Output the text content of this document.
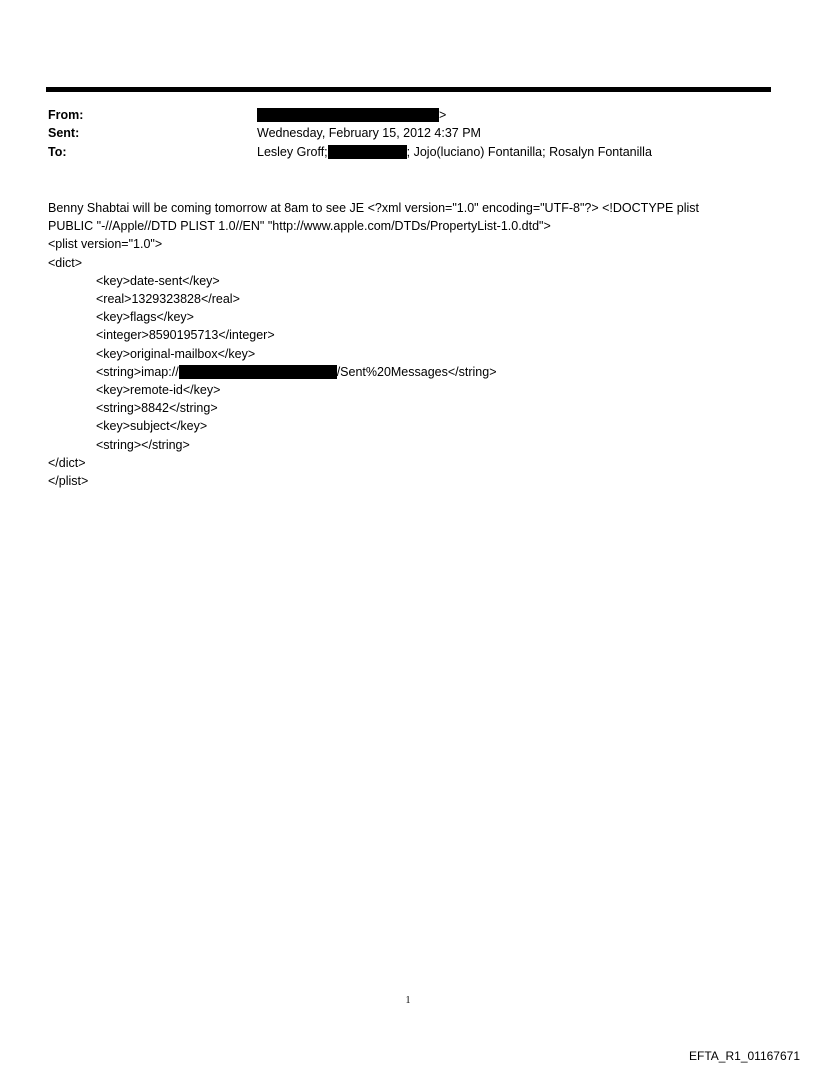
From:	>
Sent:	Wednesday, February 15, 2012 4:37 PM
To:	Lesley Groff;	; Jojo(luciano) Fontanilla; Rosalyn Fontanilla
Benny Shabtai will be coming tomorrow at 8am to see JE <?xml version="1.0" encoding="UTF-8"?> <!DOCTYPE plist
PUBLIC "-//Apple//DTD PLIST 1.0//EN" "http://www.apple.com/DTDs/PropertyList-1.0.dtd">
<plist version="1.0">
<dict>
<key>date-sent</key>
<real>1329323828</real>
<key>flags</key>
<integer>8590195713</integer>
<key>original-mailbox</key>
<string>imap://	/Sent%20Messages</string>
<key>remote-id</key>
<string>8842</string>
<key>subject</key>
<string></string>
</dict>
</plist>
1
EFTA_R1_01167671
